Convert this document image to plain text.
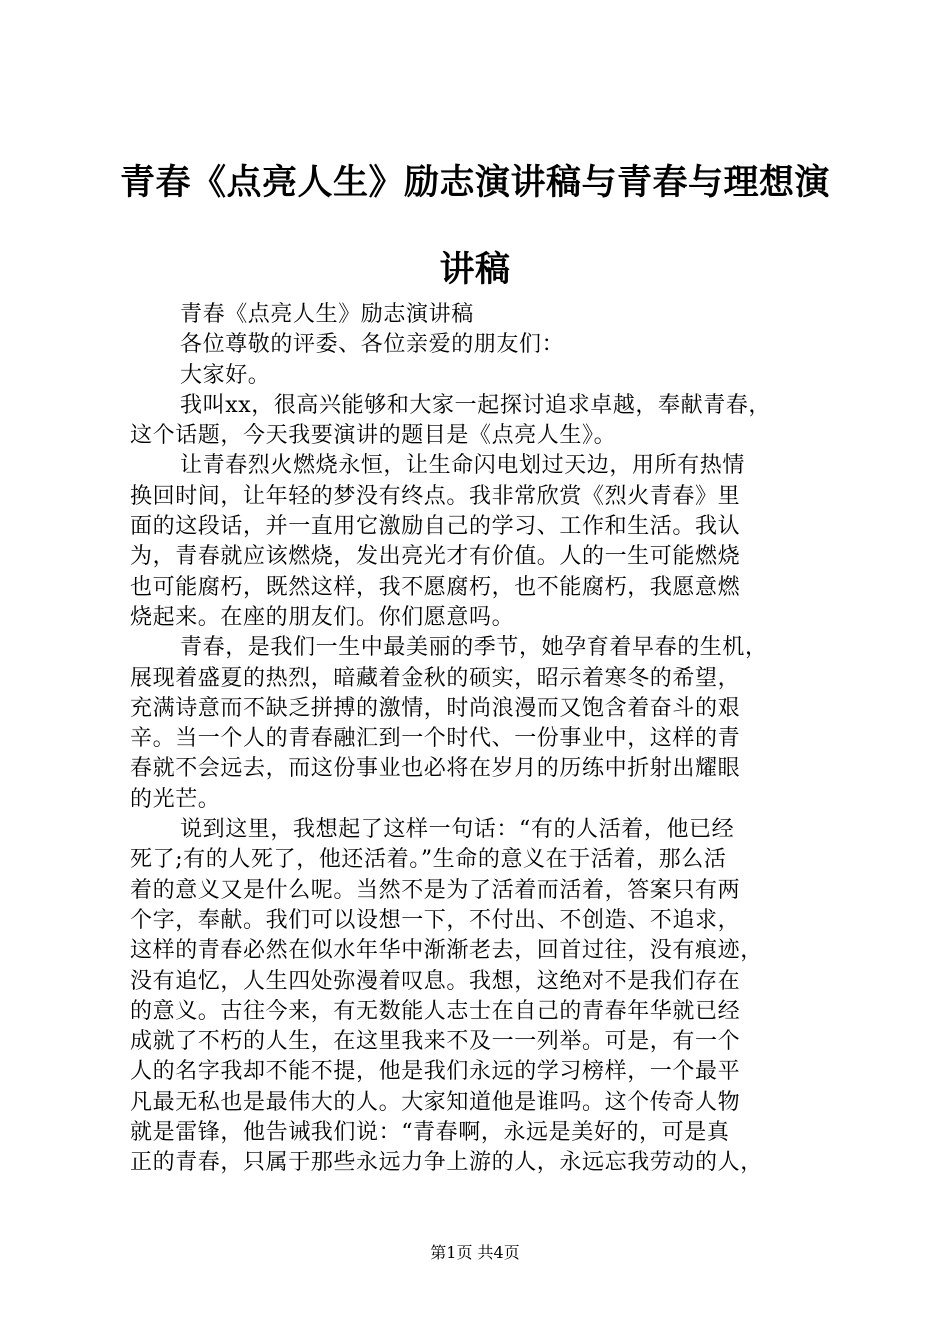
青春《点亮人生》励志演讲稿与青春与理想演
讲稿
青春《点亮人生》励志演讲稿
各位尊敬的评委、各位亲爱的朋友们：
大家好。
我叫xx，很高兴能够和大家一起探讨追求卓越，奉献青春，
这个话题，今天我要演讲的题目是《点亮人生》。
让青春烈火燃烧永恒，让生命闪电划过天边，用所有热情
换回时间，让年轻的梦没有终点。我非常欣赏《烈火青春》里
面的这段话，并一直用它激励自己的学习、工作和生活。我认
为，青春就应该燃烧，发出亮光才有价值。人的一生可能燃烧
也可能腐朽，既然这样，我不愿腐朽，也不能腐朽，我愿意燃
烧起来。在座的朋友们。你们愿意吗。
青春，是我们一生中最美丽的季节，她孕育着早春的生机，
展现着盛夏的热烈，暗藏着金秋的硕实，昭示着寒冬的希望，
充满诗意而不缺乏拼搏的激情，时尚浪漫而又饱含着奋斗的艰
辛。当一个人的青春融汇到一个时代、一份事业中，这样的青
春就不会远去，而这份事业也必将在岁月的历练中折射出耀眼
的光芒。
说到这里，我想起了这样一句话：“有的人活着，他已经
死了;有的人死了，他还活着。”生命的意义在于活着，那么活
着的意义又是什么呢。当然不是为了活着而活着，答案只有两
个字，奉献。我们可以设想一下，不付出、不创造、不追求，
这样的青春必然在似水年华中渐渐老去，回首过往，没有痕迹，
没有追忆，人生四处弥漫着叹息。我想，这绝对不是我们存在
的意义。古往今来，有无数能人志士在自己的青春年华就已经
成就了不朽的人生，在这里我来不及一一列举。可是，有一个
人的名字我却不能不提，他是我们永远的学习榜样，一个最平
凡最无私也是最伟大的人。大家知道他是谁吗。这个传奇人物
就是雷锋，他告诫我们说：“青春啊，永远是美好的，可是真
正的青春，只属于那些永远力争上游的人，永远忘我劳动的人，
第1页 共4页
